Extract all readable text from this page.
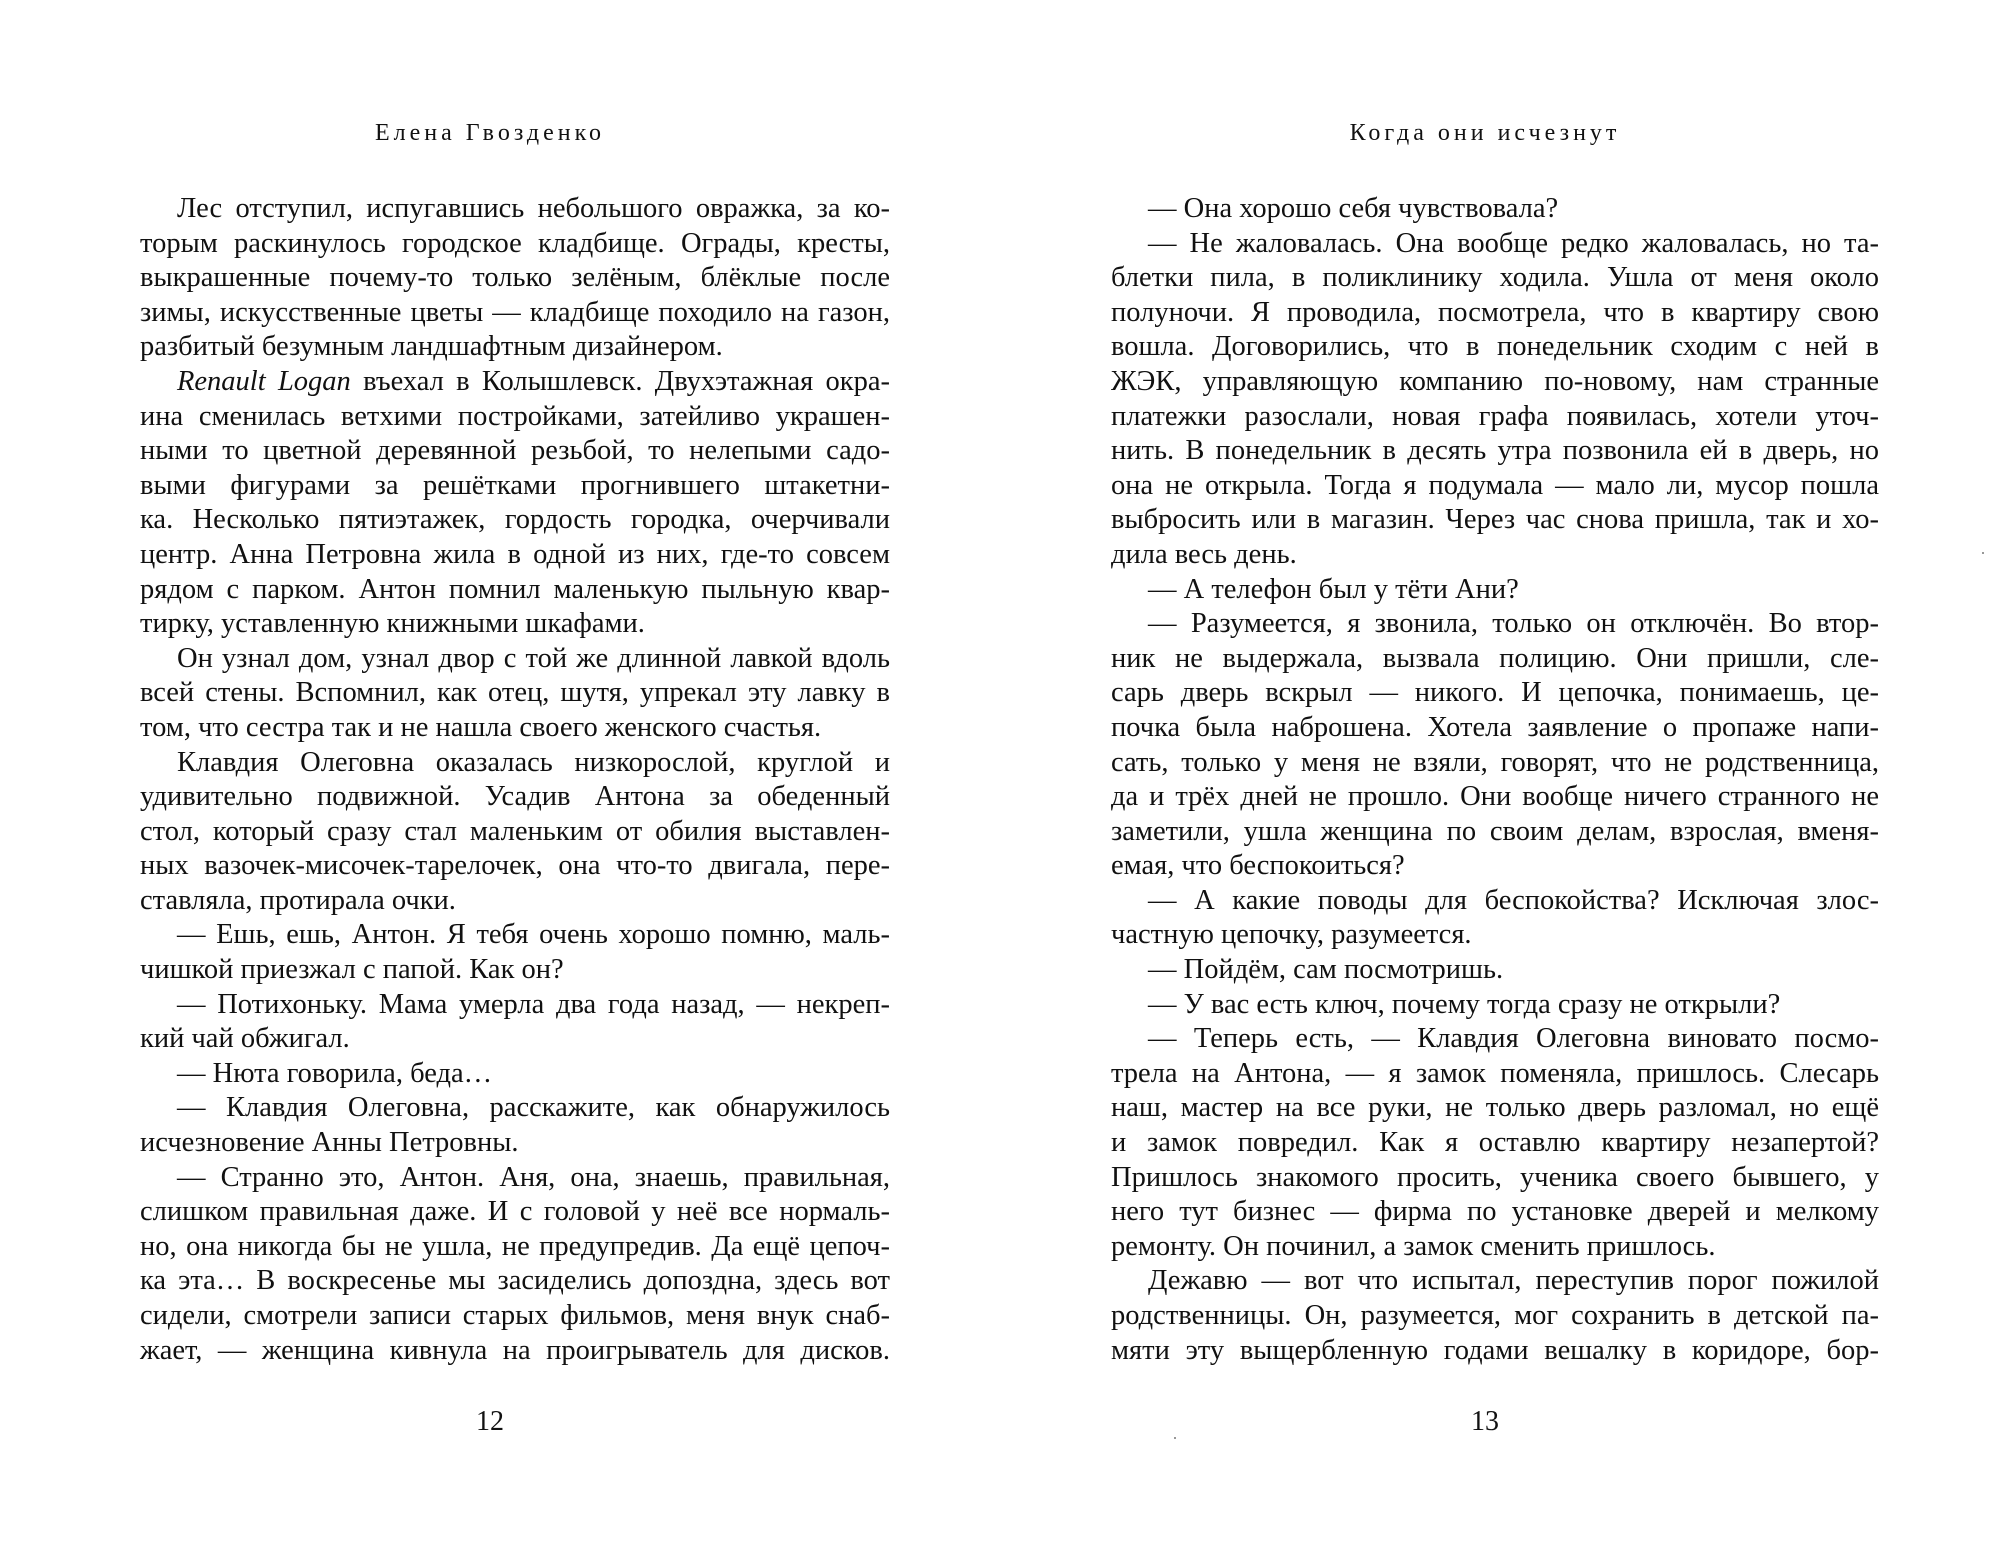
Елена Гвозденко
Лес отступил, испугавшись небольшого овражка, за ко-
торым раскинулось городское кладбище. Ограды, кресты,
выкрашенные почему-то только зелёным, блёклые после
зимы, искусственные цветы — кладбище походило на газон,
разбитый безумным ландшафтным дизайнером.
Renault Logan въехал в Колышлевск. Двухэтажная окра-
ина сменилась ветхими постройками, затейливо украшен-
ными то цветной деревянной резьбой, то нелепыми садо-
выми фигурами за решётками прогнившего штакетни-
ка. Несколько пятиэтажек, гордость городка, очерчивали
центр. Анна Петровна жила в одной из них, где-то совсем
рядом с парком. Антон помнил маленькую пыльную квар-
тирку, уставленную книжными шкафами.
Он узнал дом, узнал двор с той же длинной лавкой вдоль
всей стены. Вспомнил, как отец, шутя, упрекал эту лавку в
том, что сестра так и не нашла своего женского счастья.
Клавдия Олеговна оказалась низкорослой, круглой и
удивительно подвижной. Усадив Антона за обеденный
стол, который сразу стал маленьким от обилия выставлен-
ных вазочек-мисочек-тарелочек, она что-то двигала, пере-
ставляла, протирала очки.
— Ешь, ешь, Антон. Я тебя очень хорошо помню, маль-
чишкой приезжал с папой. Как он?
— Потихоньку. Мама умерла два года назад, — некреп-
кий чай обжигал.
— Нюта говорила, беда…
— Клавдия Олеговна, расскажите, как обнаружилось
исчезновение Анны Петровны.
— Странно это, Антон. Аня, она, знаешь, правильная,
слишком правильная даже. И с головой у неё все нормаль-
но, она никогда бы не ушла, не предупредив. Да ещё цепоч-
ка эта… В воскресенье мы засиделись допоздна, здесь вот
сидели, смотрели записи старых фильмов, меня внук снаб-
жает, — женщина кивнула на проигрыватель для дисков.
12
Когда они исчезнут
— Она хорошо себя чувствовала?
— Не жаловалась. Она вообще редко жаловалась, но та-
блетки пила, в поликлинику ходила. Ушла от меня около
полуночи. Я проводила, посмотрела, что в квартиру свою
вошла. Договорились, что в понедельник сходим с ней в
ЖЭК, управляющую компанию по-новому, нам странные
платежки разослали, новая графа появилась, хотели уточ-
нить. В понедельник в десять утра позвонила ей в дверь, но
она не открыла. Тогда я подумала — мало ли, мусор пошла
выбросить или в магазин. Через час снова пришла, так и хо-
дила весь день.
— А телефон был у тёти Ани?
— Разумеется, я звонила, только он отключён. Во втор-
ник не выдержала, вызвала полицию. Они пришли, сле-
сарь дверь вскрыл — никого. И цепочка, понимаешь, це-
почка была наброшена. Хотела заявление о пропаже напи-
сать, только у меня не взяли, говорят, что не родственница,
да и трёх дней не прошло. Они вообще ничего странного не
заметили, ушла женщина по своим делам, взрослая, вменя-
емая, что беспокоиться?
— А какие поводы для беспокойства? Исключая злос-
частную цепочку, разумеется.
— Пойдём, сам посмотришь.
— У вас есть ключ, почему тогда сразу не открыли?
— Теперь есть, — Клавдия Олеговна виновато посмо-
трела на Антона, — я замок поменяла, пришлось. Слесарь
наш, мастер на все руки, не только дверь разломал, но ещё
и замок повредил. Как я оставлю квартиру незапертой?
Пришлось знакомого просить, ученика своего бывшего, у
него тут бизнес — фирма по установке дверей и мелкому
ремонту. Он починил, а замок сменить пришлось.
Дежавю — вот что испытал, переступив порог пожилой
родственницы. Он, разумеется, мог сохранить в детской па-
мяти эту выщербленную годами вешалку в коридоре, бор-
13
